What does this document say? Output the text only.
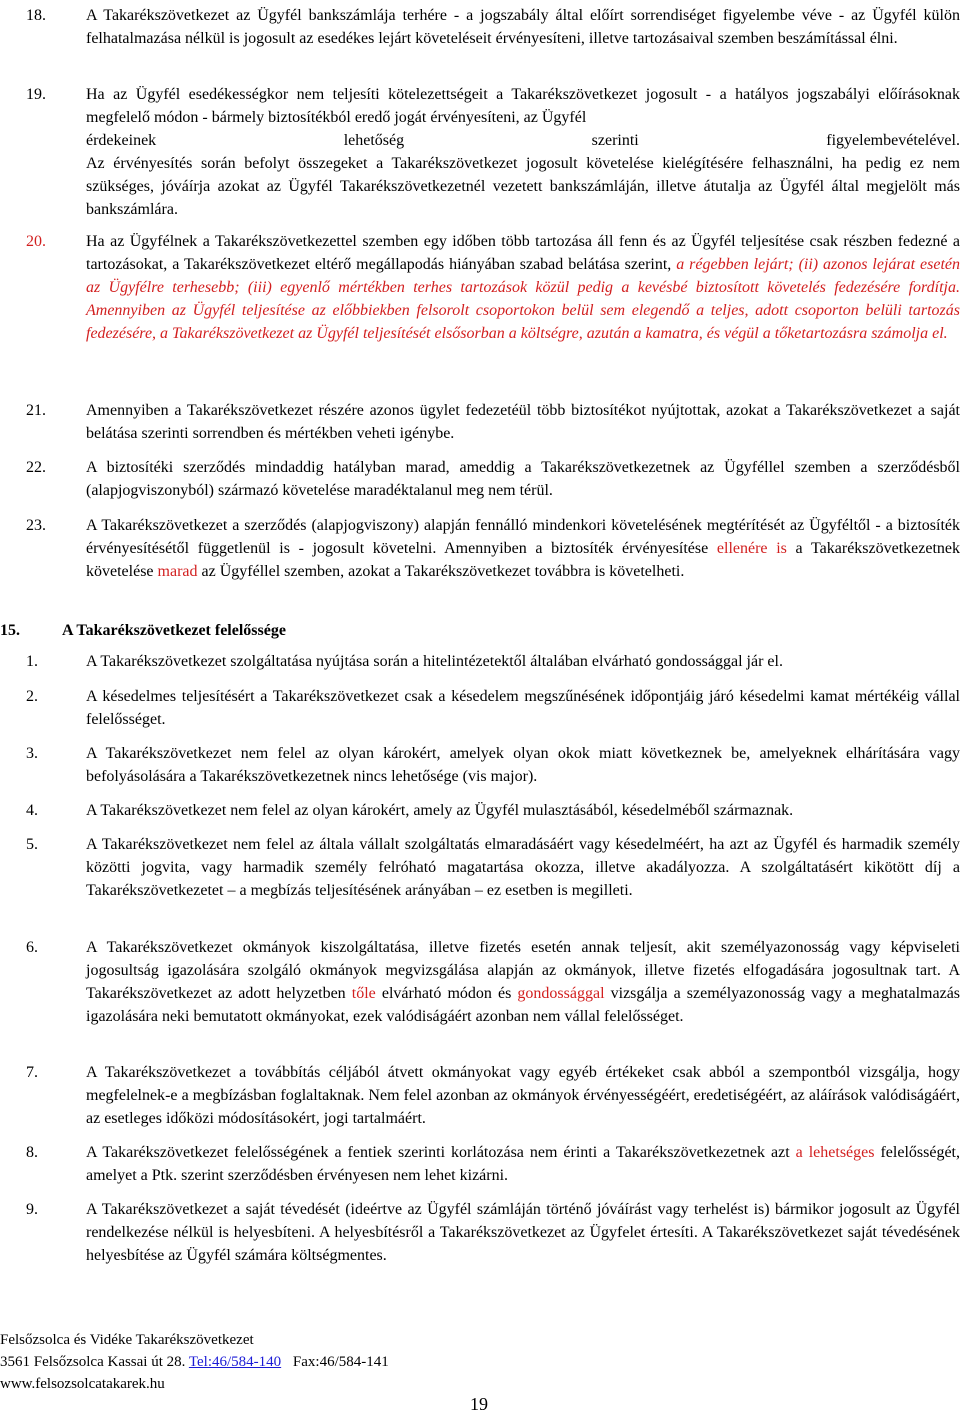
18.	A Takarékszövetkezet az Ügyfél bankszámlája terhére - a jogszabály által előírt sorrendiséget figyelembe véve - az Ügyfél külön felhatalmazása nélkül is jogosult az esedékes lejárt követeléseit érvényesíteni, illetve tartozásaival szemben beszámítással élni.
19.	Ha az Ügyfél esedékességkor nem teljesíti kötelezettségeit a Takarékszövetkezet jogosult - a hatályos jogszabályi előírásoknak megfelelő módon - bármely biztosítékból eredő jogát érvényesíteni, az Ügyfél
érdekeinek	lehetőség	szerinti	figyelembevételével.
Az érvényesítés során befolyt összegeket a Takarékszövetkezet jogosult követelése kielégítésére felhasználni, ha pedig ez nem szükséges, jóváírja azokat az Ügyfél Takarékszövetkezetnél vezetett bankszámláján, illetve átutalja az Ügyfél által megjelölt más bankszámlára.
20.	Ha az Ügyfélnek a Takarékszövetkezettel szemben egy időben több tartozása áll fenn és az Ügyfél teljesítése csak részben fedezné a tartozásokat, a Takarékszövetkezet eltérő megállapodás hiányában szabad belátása szerint, a régebben lejárt; (ii) azonos lejárat esetén az Ügyfélre terhesebb; (iii) egyenlő mértékben terhes tartozások közül pedig a kevésbé biztosított követelés fedezésére fordítja. Amennyiben az Ügyfél teljesítése az előbbiekben felsorolt csoportokon belül sem elegendő a teljes, adott csoporton belüli tartozás fedezésére, a Takarékszövetkezet az Ügyfél teljesítését elsősorban a költségre, azután a kamatra, és végül a tőketartozásra számolja el.
21.	Amennyiben a Takarékszövetkezet részére azonos ügylet fedezetéül több biztosítékot nyújtottak, azokat a Takarékszövetkezet a saját belátása szerinti sorrendben és mértékben veheti igénybe.
22.	A biztosítéki szerződés mindaddig hatályban marad, ameddig a Takarékszövetkezetnek az Ügyféllel szemben a szerződésből (alapjogviszonyból) származó követelése maradéktalanul meg nem térül.
23.	A Takarékszövetkezet a szerződés (alapjogviszony) alapján fennálló mindenkori követelésének megtérítését az Ügyféltől - a biztosíték érvényesítésétől függetlenül is - jogosult követelni. Amennyiben a biztosíték érvényesítése ellenére is a Takarékszövetkezetnek követelése marad az Ügyféllel szemben, azokat a Takarékszövetkezet továbbra is követelheti.
15.	A Takarékszövetkezet felelőssége
1.	A Takarékszövetkezet szolgáltatása nyújtása során a hitelintézetektől általában elvárható gondossággal jár el.
2.	A késedelmes teljesítésért a Takarékszövetkezet csak a késedelem megszűnésének időpontjáig járó késedelmi kamat mértékéig vállal felelősséget.
3.	A Takarékszövetkezet nem felel az olyan károkért, amelyek olyan okok miatt következnek be, amelyeknek elhárítására vagy befolyásolására a Takarékszövetkezetnek nincs lehetősége (vis major).
4.	A Takarékszövetkezet nem felel az olyan károkért, amely az Ügyfél mulasztásából, késedelméből származnak.
5.	A Takarékszövetkezet nem felel az általa vállalt szolgáltatás elmaradásáért vagy késedelméért, ha azt az Ügyfél és harmadik személy közötti jogvita, vagy harmadik személy felróható magatartása okozza, illetve akadályozza. A szolgáltatásért kikötött díj a Takarékszövetkezetet – a megbízás teljesítésének arányában – ez esetben is megilleti.
6.	A Takarékszövetkezet okmányok kiszolgáltatása, illetve fizetés esetén annak teljesít, akit személyazonosság vagy képviseleti jogosultság igazolására szolgáló okmányok megvizsgálása alapján az okmányok, illetve fizetés elfogadására jogosultnak tart. A Takarékszövetkezet az adott helyzetben tőle elvárható módon és gondossággal vizsgálja a személyazonosság vagy a meghatalmazás igazolására neki bemutatott okmányokat, ezek valódiságáért azonban nem vállal felelősséget.
7.	A Takarékszövetkezet a továbbítás céljából átvett okmányokat vagy egyéb értékeket csak abból a szempontból vizsgálja, hogy megfelelnek-e a megbízásban foglaltaknak. Nem felel azonban az okmányok érvényességéért, eredetiségéért, az aláírások valódiságáért, az esetleges időközi módosításokért, jogi tartalmáért.
8.	A Takarékszövetkezet felelősségének a fentiek szerinti korlátozása nem érinti a Takarékszövetkezetnek azt a lehetséges felelősségét, amelyet a Ptk. szerint szerződésben érvényesen nem lehet kizárni.
9.	A Takarékszövetkezet a saját tévedését (ideértve az Ügyfél számláján történő jóváírást vagy terhelést is) bármikor jogosult az Ügyfél rendelkezése nélkül is helyesbíteni. A helyesbítésről a Takarékszövetkezet az Ügyfelet értesíti. A Takarékszövetkezet saját tévedésének helyesbítése az Ügyfél számára költségmentes.
Felsőzsolca és Vidéke Takarékszövetkezet
3561 Felsőzsolca Kassai út 28. Tel:46/584-140 Fax:46/584-141
www.felsozsolcatakarek.hu
19
